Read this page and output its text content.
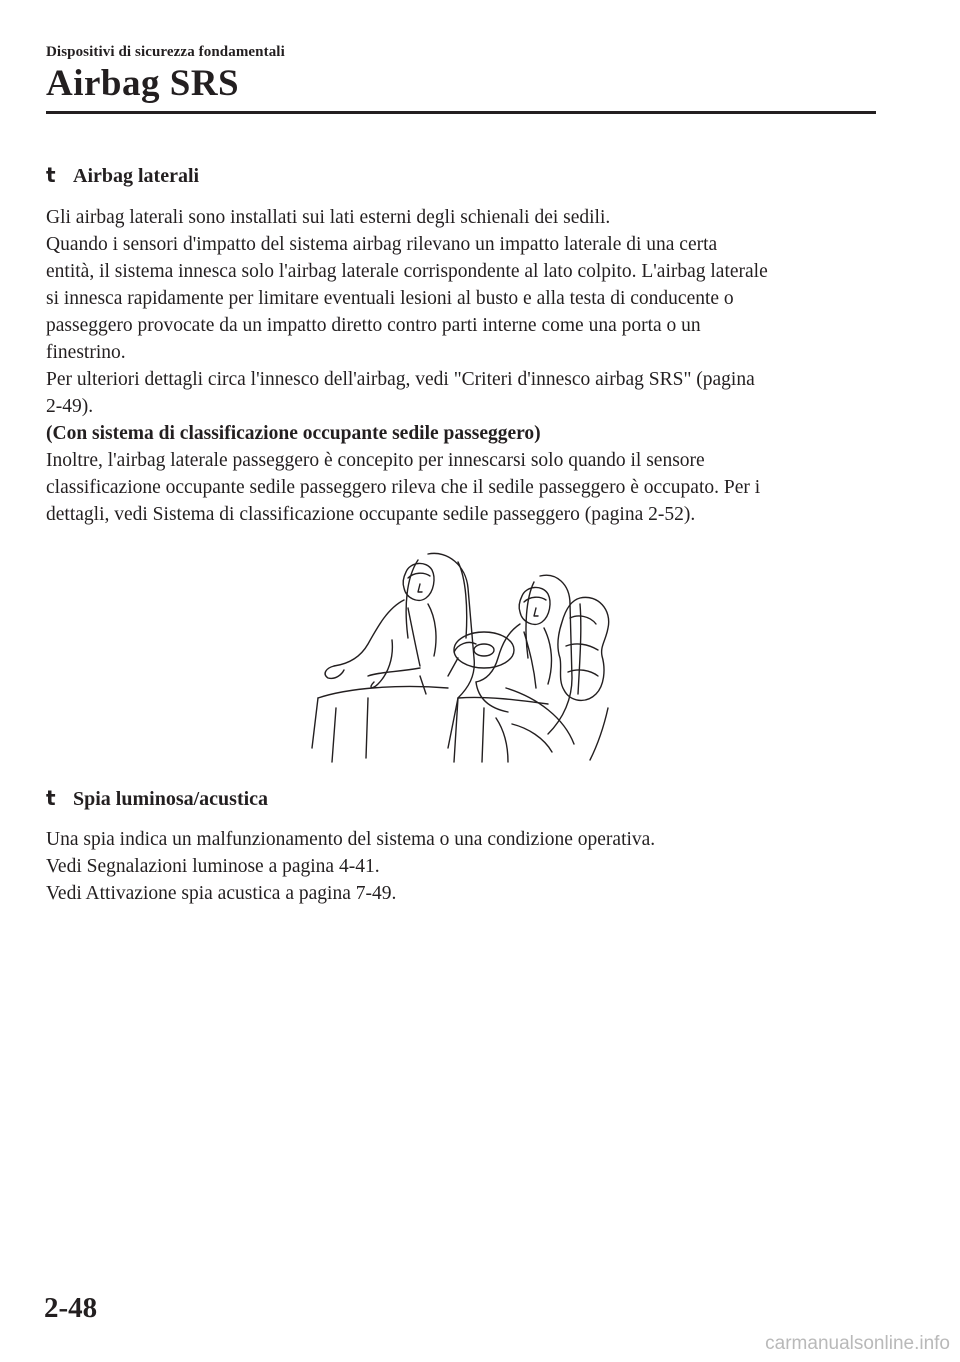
Dispositivi di sicurezza fondamentali
Airbag SRS
t Airbag laterali

Gli airbag laterali sono installati sui lati esterni degli schienali dei sedili.

Quando i sensori d'impatto del sistema airbag rilevano un impatto laterale di una certa

entità, il sistema innesca solo l'airbag laterale corrispondente al lato colpito. L'airbag laterale

si innesca rapidamente per limitare eventuali lesioni al busto e alla testa di conducente o

passeggero provocate da un impatto diretto contro parti interne come una porta o un

finestrino.

Per ulteriori dettagli circa l'innesco dell'airbag, vedi "Criteri d'innesco airbag SRS" (pagina

2-49).

(Con sistema di classificazione occupante sedile passeggero)

Inoltre, l'airbag laterale passeggero è concepito per innescarsi solo quando il sensore

classificazione occupante sedile passeggero rileva che il sedile passeggero è occupato. Per i

dettagli, vedi Sistema di classificazione occupante sedile passeggero (pagina 2-52).

t Spia luminosa/acustica

Una spia indica un malfunzionamento del sistema o una condizione operativa.

Vedi Segnalazioni luminose a pagina 4-41.

Vedi Attivazione spia acustica a pagina 7-49.

2-48
carmanualsonline.info
